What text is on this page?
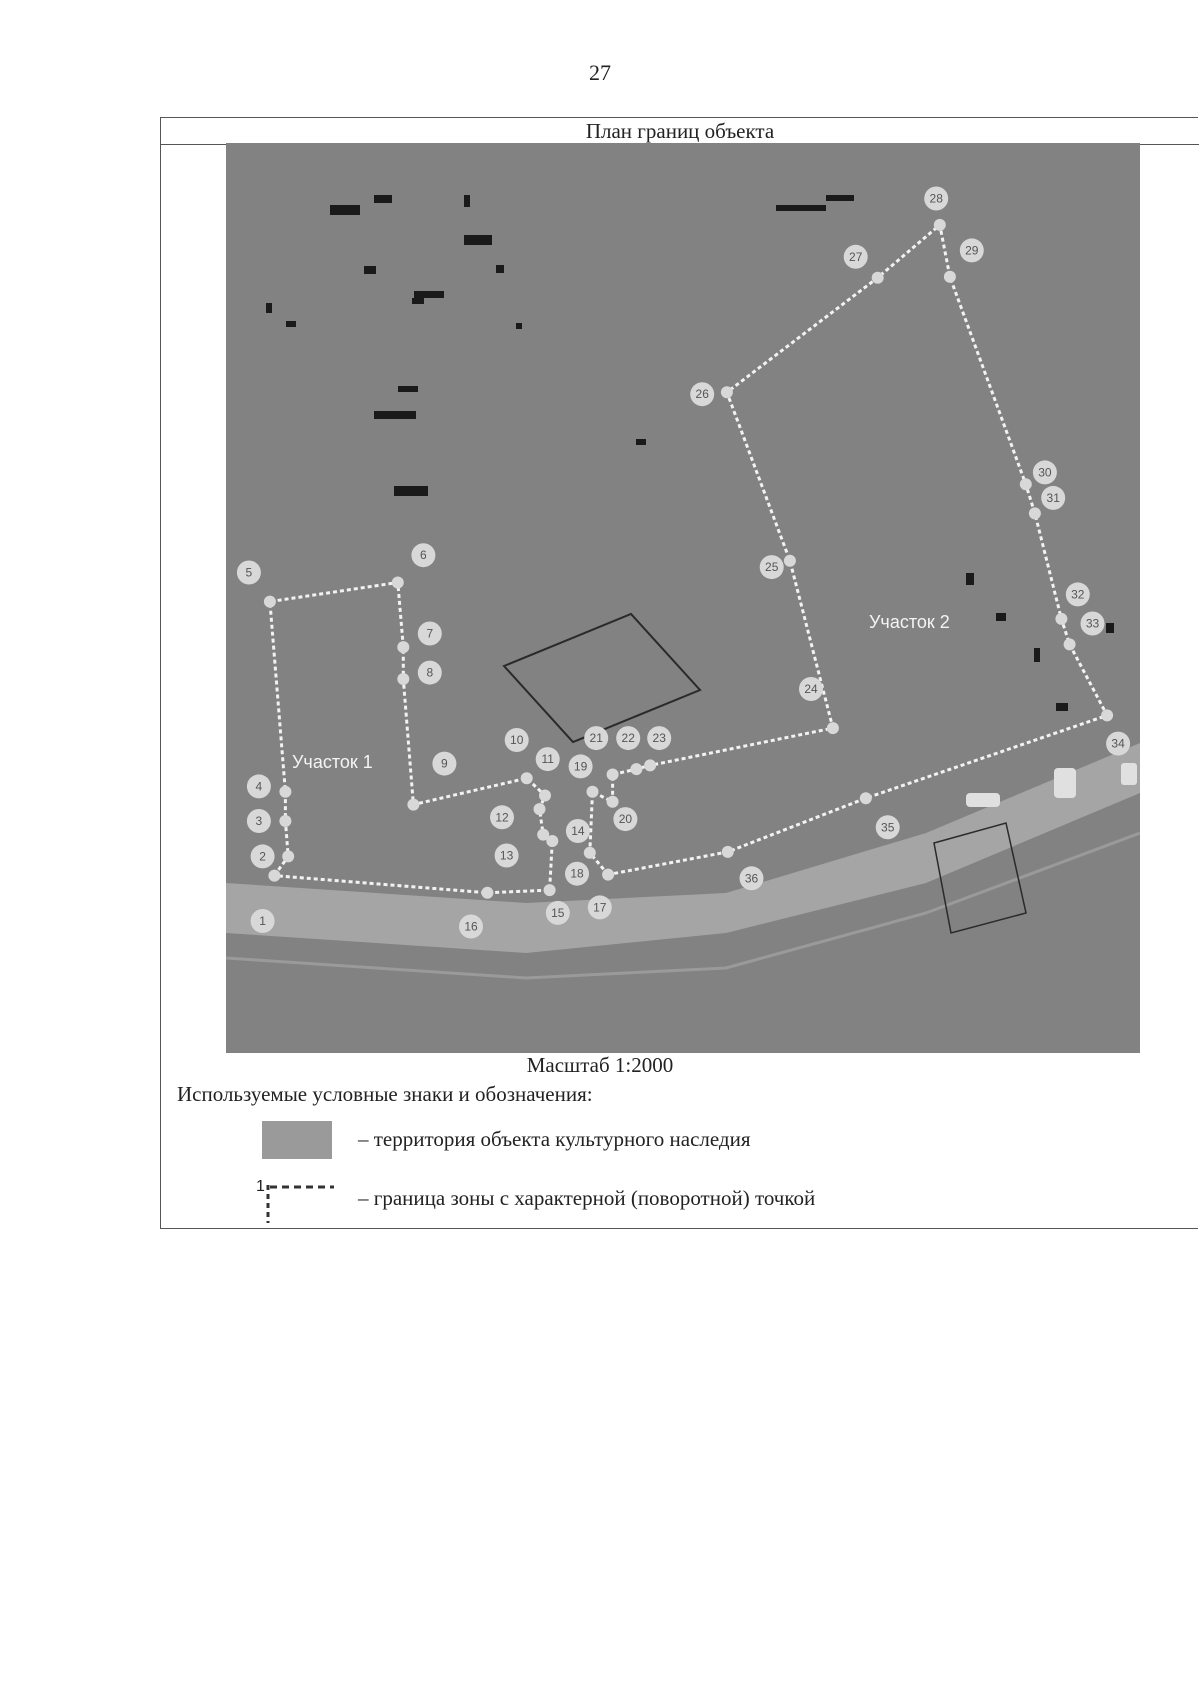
27
План границ объекта
1
2
3
4
5
6
7
8
9
10
11
12
13
14
15
16
17
18
19
20
21 22 23
24
25
26
27
28
29
30
31
32
33
34
35
36
Участок 1
Участок 2
Масштаб 1:2000
Используемые условные знаки и обозначения:
– территория объекта культурного наследия
1	– граница зоны с характерной (поворотной) точкой
